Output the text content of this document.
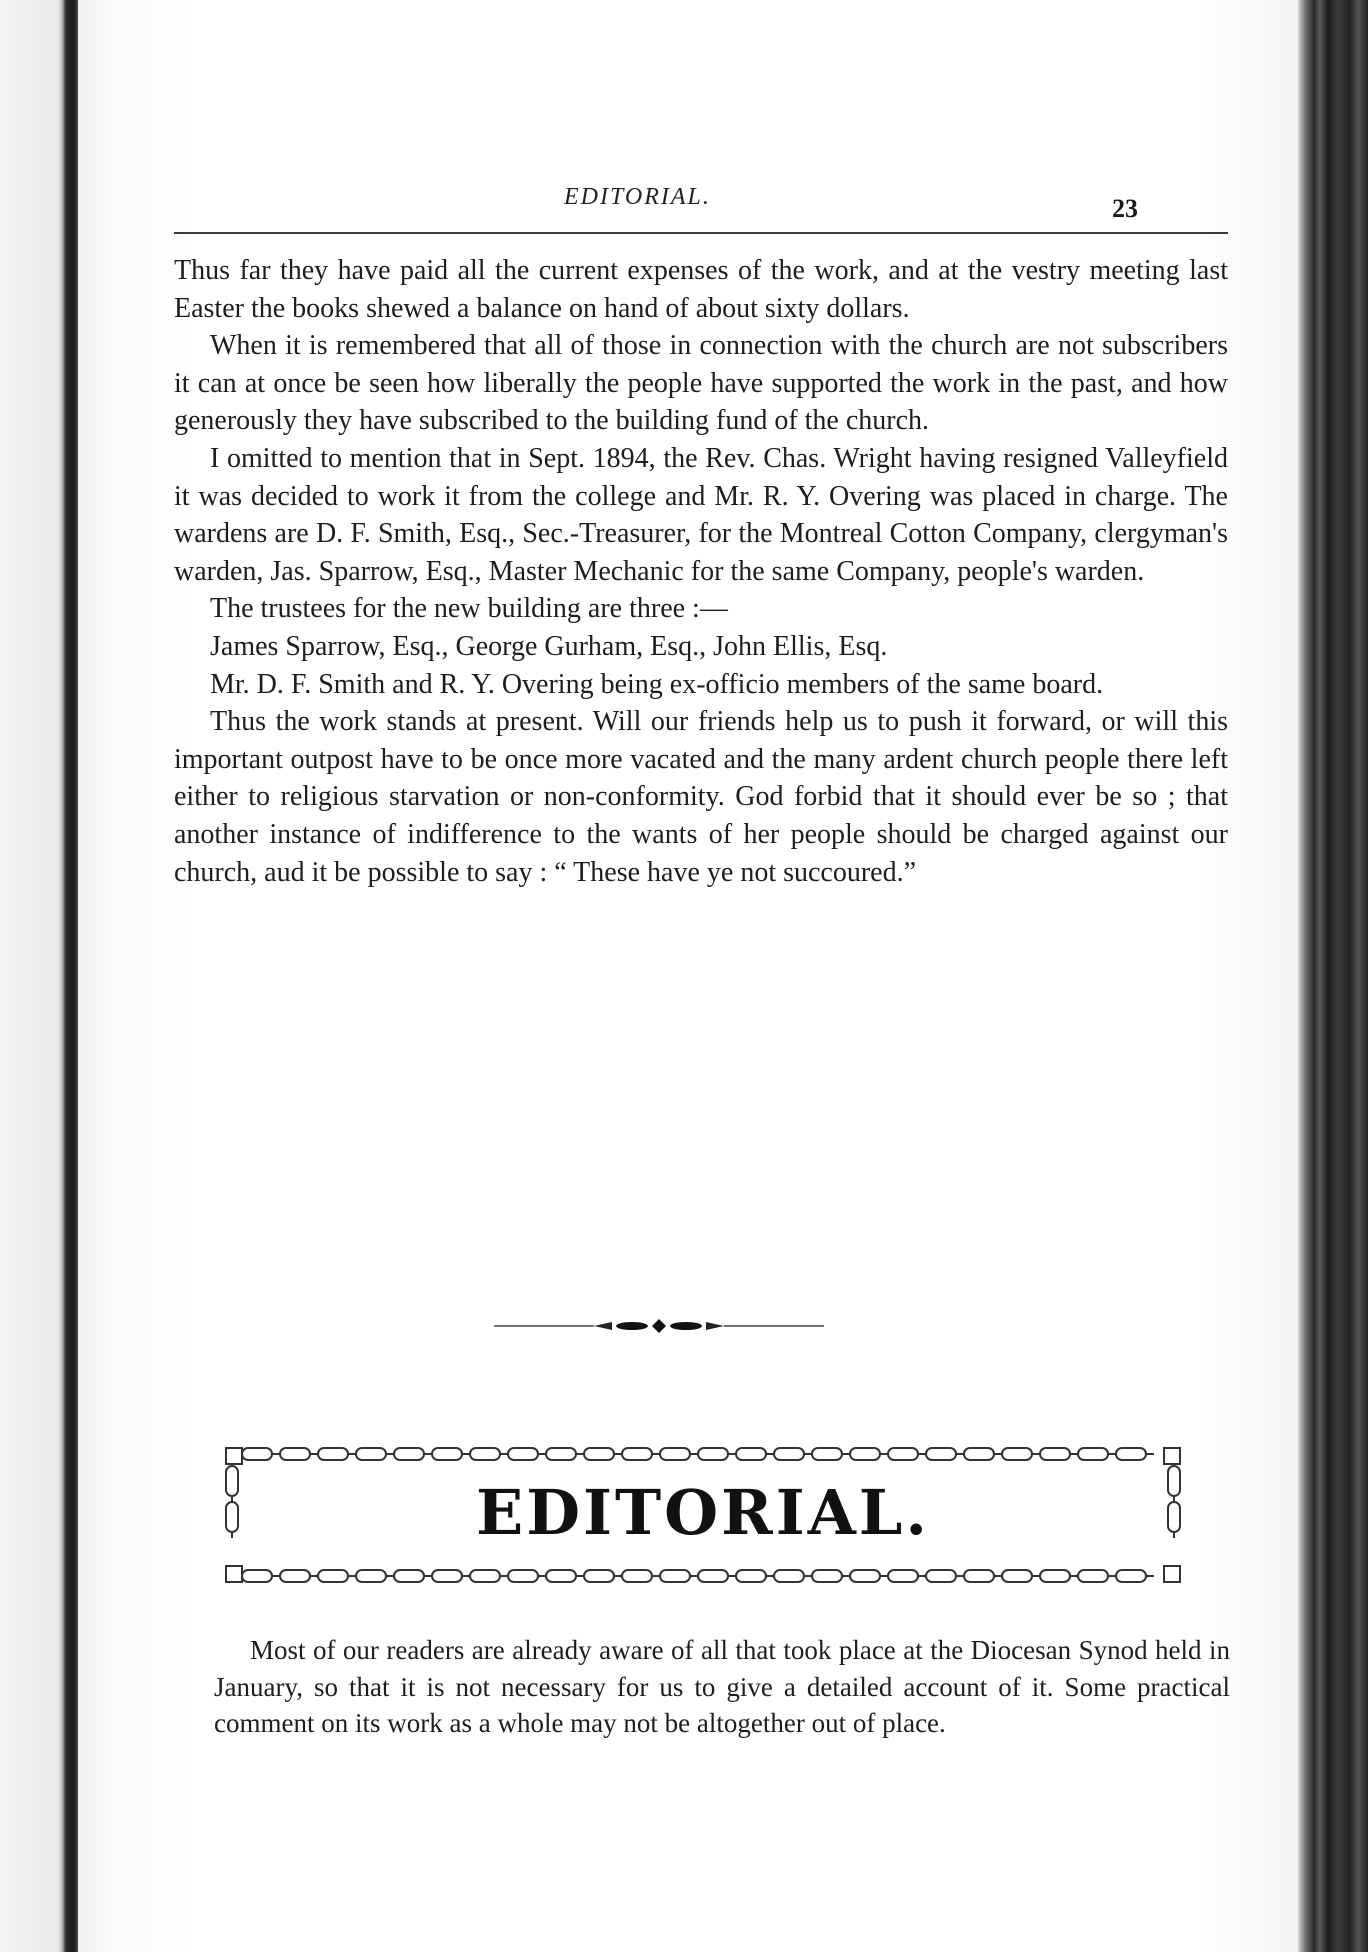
EDITORIAL.	23

Thus far they have paid all the current expenses of the work, and at the vestry meeting last Easter the books shewed a balance on hand of about sixty dollars.

When it is remembered that all of those in connection with the church are not subscribers it can at once be seen how liberally the people have supported the work in the past, and how generously they have subscribed to the building fund of the church.

I omitted to mention that in Sept. 1894, the Rev. Chas. Wright having resigned Valleyfield it was decided to work it from the college and Mr. R. Y. Overing was placed in charge. The wardens are D. F. Smith, Esq., Sec.-Treasurer, for the Montreal Cotton Company, clergyman's warden, Jas. Sparrow, Esq., Master Mechanic for the same Company, people's warden.

The trustees for the new building are three :—

James Sparrow, Esq., George Gurham, Esq., John Ellis, Esq.

Mr. D. F. Smith and R. Y. Overing being ex-officio members of the same board.

Thus the work stands at present. Will our friends help us to push it forward, or will this important outpost have to be once more vacated and the many ardent church people there left either to religious starvation or non-conformity. God forbid that it should ever be so ; that another instance of indifference to the wants of her people should be charged against our church, aud it be possible to say : “ These have ye not succoured.”

EDITORIAL.

Most of our readers are already aware of all that took place at the Diocesan Synod held in January, so that it is not necessary for us to give a detailed account of it. Some practical comment on its work as a whole may not be altogether out of place.
